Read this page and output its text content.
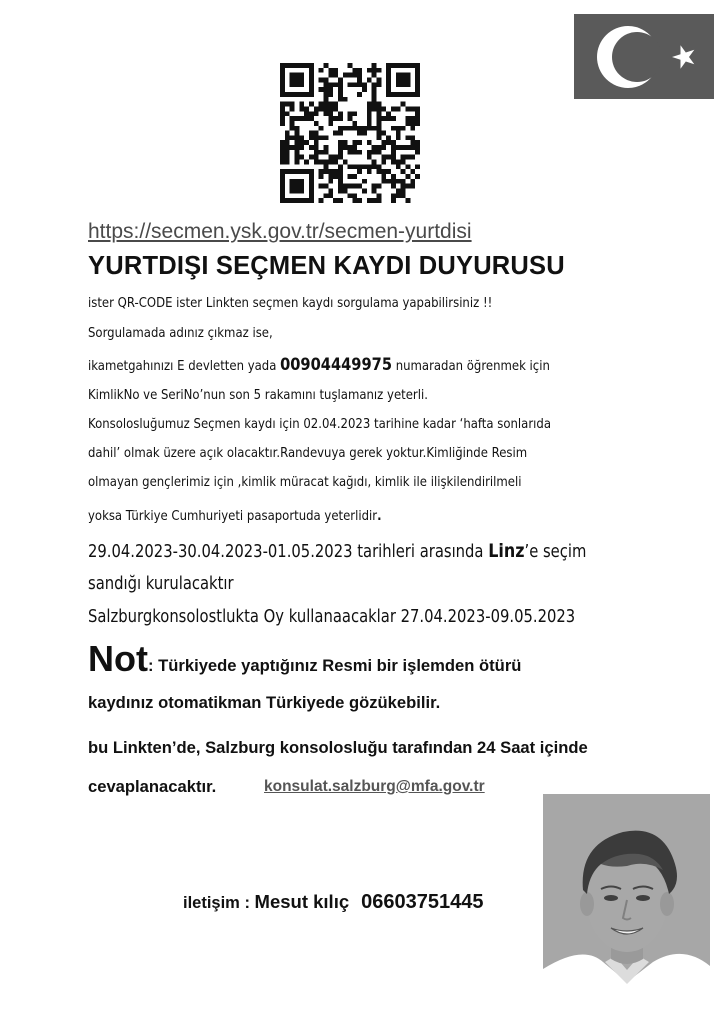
https://secmen.ysk.gov.tr/secmen-yurtdisi
YURTDIŞI SEÇMEN KAYDI DUYURUSU
ister QR-CODE ister Linkten seçmen kaydı sorgulama yapabilirsiniz !!
Sorgulamada adınız çıkmaz ise,
ikametgahınızı E devletten yada 00904449975 numaradan öğrenmek için
KimlikNo ve SeriNo’nun son 5 rakamını tuşlamanız yeterli.
Konsolosluğumuz Seçmen kaydı için 02.04.2023 tarihine kadar ‘hafta sonlarıda
dahil’ olmak üzere açık olacaktır.Randevuya gerek yoktur.Kimliğinde Resim
olmayan gençlerimiz için ,kimlik müracat kağıdı, kimlik ile ilişkilendirilmeli
yoksa Türkiye Cumhuriyeti pasaportuda yeterlidir.
29.04.2023-30.04.2023-01.05.2023 tarihleri arasında Linz’e seçim
sandığı kurulacaktır
Salzburgkonsolostlukta Oy kullanaacaklar 27.04.2023-09.05.2023
Not: Türkiyede yaptığınız Resmi bir işlemden ötürü
kaydınız otomatikman Türkiyede gözükebilir.
bu Linkten’de, Salzburg konsolosluğu tarafından 24 Saat içinde
cevaplanacaktır.	konsulat.salzburg@mfa.gov.tr
iletişim : Mesut kılıç 06603751445
